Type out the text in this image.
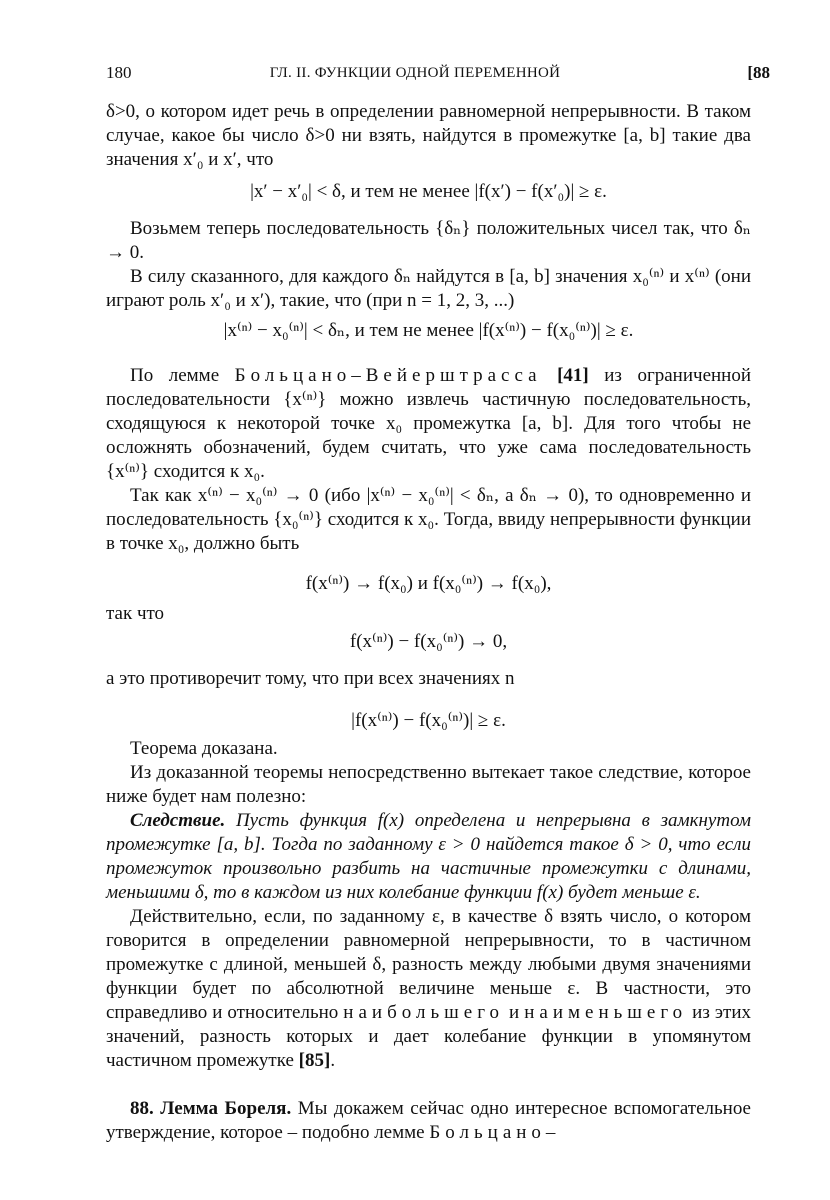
ГЛ. II. ФУНКЦИИ ОДНОЙ ПЕРЕМЕННОЙ
180	[88

δ>0, о котором идет речь в определении равномерной непрерывности. В таком случае, какое бы число δ>0 ни взять, найдутся в промежутке [a, b] такие два значения x′₀ и x′, что

|x′ − x′₀| < δ, и тем не менее |f(x′) − f(x′₀)| ≥ ε.

Возьмем теперь последовательность {δₙ} положительных чисел так, что δₙ → 0.

В силу сказанного, для каждого δₙ найдутся в [a, b] значения x₀⁽ⁿ⁾ и x⁽ⁿ⁾ (они играют роль x′₀ и x′), такие, что (при n = 1, 2, 3, ...)

|x⁽ⁿ⁾ − x₀⁽ⁿ⁾| < δₙ, и тем не менее |f(x⁽ⁿ⁾) − f(x₀⁽ⁿ⁾)| ≥ ε.

По лемме Больцано–Вейерштрасса [41] из ограниченной последовательности {x⁽ⁿ⁾} можно извлечь частичную последовательность, сходящуюся к некоторой точке x₀ промежутка [a, b]. Для того чтобы не осложнять обозначений, будем считать, что уже сама последовательность {x⁽ⁿ⁾} сходится к x₀.

Так как x⁽ⁿ⁾ − x₀⁽ⁿ⁾ → 0 (ибо |x⁽ⁿ⁾ − x₀⁽ⁿ⁾| < δₙ, а δₙ → 0), то одновременно и последовательность {x₀⁽ⁿ⁾} сходится к x₀. Тогда, ввиду непрерывности функции в точке x₀, должно быть

f(x⁽ⁿ⁾) → f(x₀) и f(x₀⁽ⁿ⁾) → f(x₀),

так что

f(x⁽ⁿ⁾) − f(x₀⁽ⁿ⁾) → 0,

а это противоречит тому, что при всех значениях n

|f(x⁽ⁿ⁾) − f(x₀⁽ⁿ⁾)| ≥ ε.

Теорема доказана.

Из доказанной теоремы непосредственно вытекает такое следствие, которое ниже будет нам полезно:

Следствие. Пусть функция f(x) определена и непрерывна в замкнутом промежутке [a, b]. Тогда по заданному ε > 0 найдется такое δ > 0, что если промежуток произвольно разбить на частичные промежутки с длинами, меньшими δ, то в каждом из них колебание функции f(x) будет меньше ε.

Действительно, если, по заданному ε, в качестве δ взять число, о котором говорится в определении равномерной непрерывности, то в частичном промежутке с длиной, меньшей δ, разность между любыми двумя значениями функции будет по абсолютной величине меньше ε. В частности, это справедливо и относительно наибольшего и наименьшего из этих значений, разность которых и дает колебание функции в упомянутом частичном промежутке [85].

88. Лемма Бореля. Мы докажем сейчас одно интересное вспомогательное утверждение, которое – подобно лемме Больцано–
